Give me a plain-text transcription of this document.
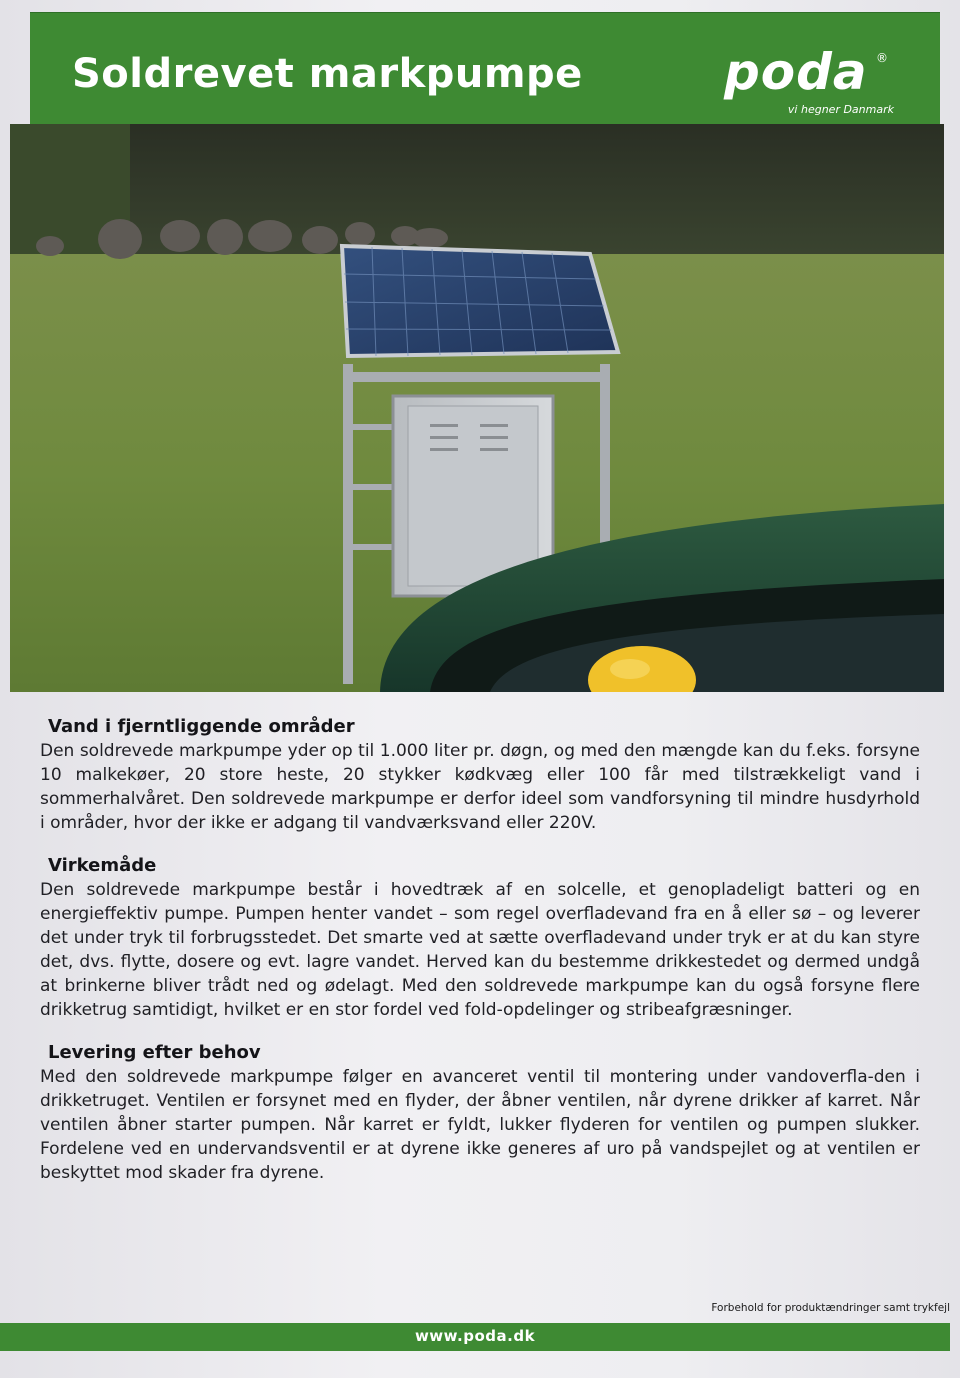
Soldrevet markpumpe	poda ®
vi hegner Danmark
Vand i fjerntliggende områder

Den soldrevede markpumpe yder op til 1.000 liter pr. døgn, og med den mængde kan du f.eks. forsyne 10 malkekøer, 20 store heste, 20 stykker kødkvæg eller 100 får med tilstrækkeligt vand i sommerhalvåret. Den soldrevede markpumpe er derfor ideel som vandforsyning til mindre husdyrhold i områder, hvor der ikke er adgang til vandværksvand eller 220V.

Virkemåde

Den soldrevede markpumpe består i hovedtræk af en solcelle, et genopladeligt batteri og en energieffektiv pumpe. Pumpen henter vandet – som regel overfladevand fra en å eller sø – og leverer det under tryk til forbrugsstedet. Det smarte ved at sætte overfladevand under tryk er at du kan styre det, dvs. flytte, dosere og evt. lagre vandet. Herved kan du bestemme drikkestedet og dermed undgå at brinkerne bliver trådt ned og ødelagt. Med den soldrevede markpumpe kan du også forsyne flere drikketrug samtidigt, hvilket er en stor fordel ved fold-opdelinger og stribeafgræsninger.

Levering efter behov

Med den soldrevede markpumpe følger en avanceret ventil til montering under vandoverfla-den i drikketruget. Ventilen er forsynet med en flyder, der åbner ventilen, når dyrene drikker af karret. Når ventilen åbner starter pumpen. Når karret er fyldt, lukker flyderen for ventilen og pumpen slukker. Fordelene ved en undervandsventil er at dyrene ikke generes af uro på vandspejlet og at ventilen er beskyttet mod skader fra dyrene.

Forbehold for produktændringer samt trykfejl
www.poda.dk
